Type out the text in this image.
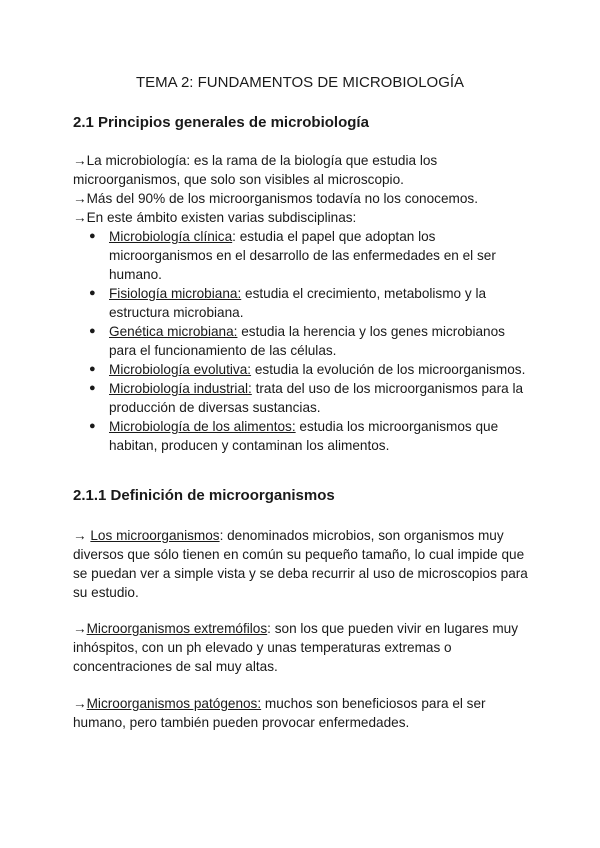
TEMA 2: FUNDAMENTOS DE MICROBIOLOGÍA
2.1 Principios generales de microbiología
→La microbiología: es la rama de la biología que estudia los microorganismos, que solo son visibles al microscopio.
→Más del 90% de los microorganismos todavía no los conocemos.
→En este ámbito existen varias subdisciplinas:
● Microbiología clínica: estudia el papel que adoptan los microorganismos en el desarrollo de las enfermedades en el ser humano.
● Fisiología microbiana: estudia el crecimiento, metabolismo y la estructura microbiana.
● Genética microbiana: estudia la herencia y los genes microbianos para el funcionamiento de las células.
● Microbiología evolutiva: estudia la evolución de los microorganismos.
● Microbiología industrial: trata del uso de los microorganismos para la producción de diversas sustancias.
● Microbiología de los alimentos: estudia los microorganismos que habitan, producen y contaminan los alimentos.
2.1.1 Definición de microorganismos
→ Los microorganismos: denominados microbios, son organismos muy diversos que sólo tienen en común su pequeño tamaño, lo cual impide que se puedan ver a simple vista y se deba recurrir al uso de microscopios para su estudio.
→Microorganismos extremófilos: son los que pueden vivir en lugares muy inhóspitos, con un ph elevado y unas temperaturas extremas o concentraciones de sal muy altas.
→Microorganismos patógenos: muchos son beneficiosos para el ser humano, pero también pueden provocar enfermedades.
